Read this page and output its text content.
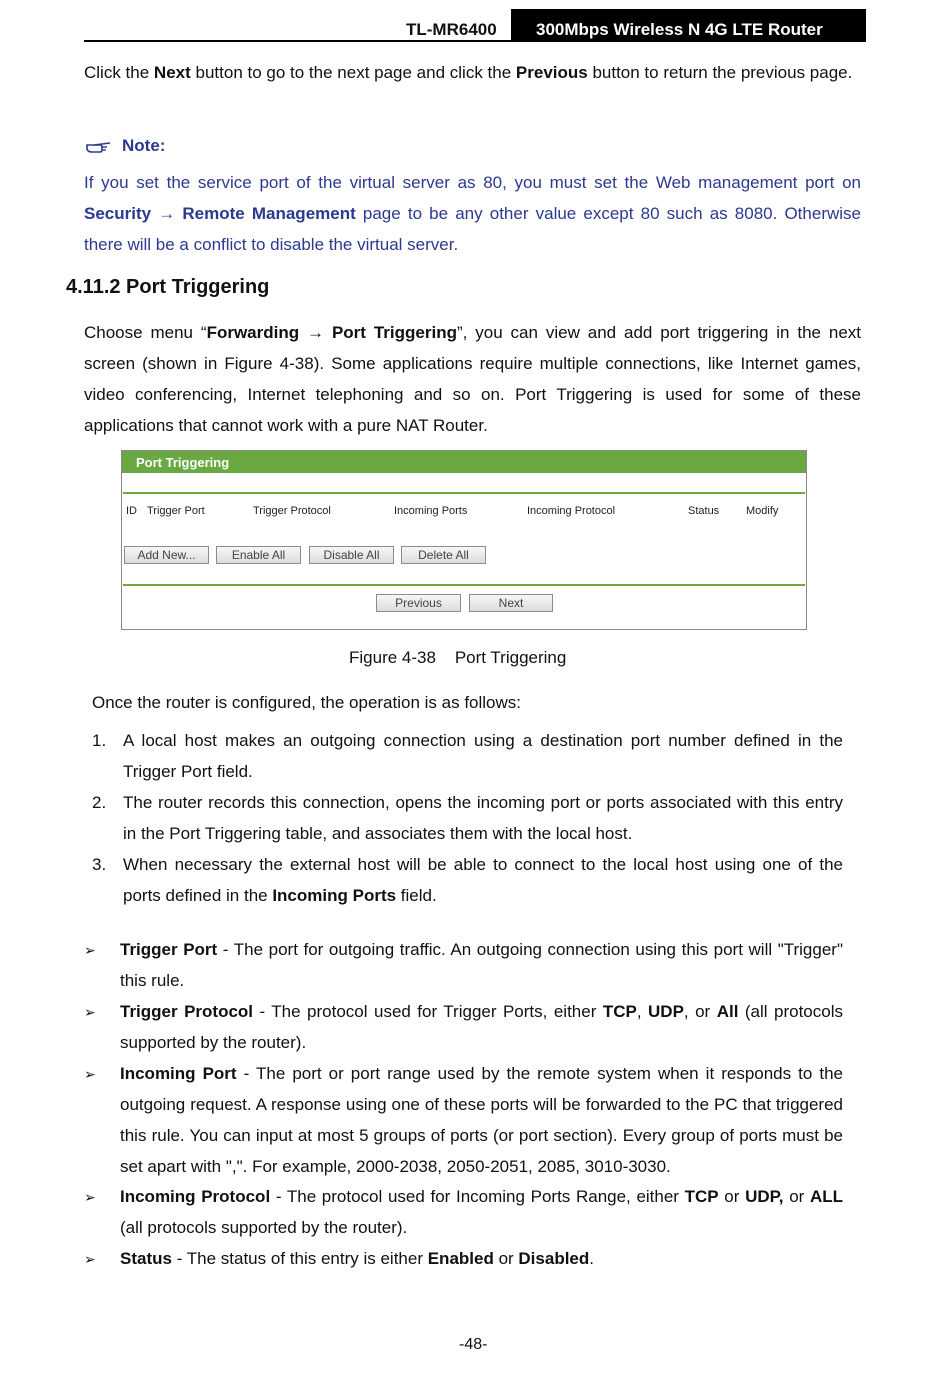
TL-MR6400 300Mbps Wireless N 4G LTE Router
Click the Next button to go to the next page and click the Previous button to return the previous page.
Note:
If you set the service port of the virtual server as 80, you must set the Web management port on Security → Remote Management page to be any other value except 80 such as 8080. Otherwise there will be a conflict to disable the virtual server.
4.11.2 Port Triggering
Choose menu “Forwarding → Port Triggering”, you can view and add port triggering in the next screen (shown in Figure 4-38). Some applications require multiple connections, like Internet games, video conferencing, Internet telephoning and so on. Port Triggering is used for some of these applications that cannot work with a pure NAT Router.
Port Triggering
ID Trigger Port	Trigger Protocol	Incoming Ports	Incoming Protocol	Status Modify
Add New...	Enable All	Disable All	Delete All
Previous	Next
Figure 4-38    Port Triggering
Once the router is configured, the operation is as follows:
1. A local host makes an outgoing connection using a destination port number defined in the Trigger Port field.
2. The router records this connection, opens the incoming port or ports associated with this entry in the Port Triggering table, and associates them with the local host.
3. When necessary the external host will be able to connect to the local host using one of the ports defined in the Incoming Ports field.
➢ Trigger Port - The port for outgoing traffic. An outgoing connection using this port will "Trigger" this rule.
➢ Trigger Protocol - The protocol used for Trigger Ports, either TCP, UDP, or All (all protocols supported by the router).
➢ Incoming Port - The port or port range used by the remote system when it responds to the outgoing request. A response using one of these ports will be forwarded to the PC that triggered this rule. You can input at most 5 groups of ports (or port section). Every group of ports must be set apart with ",". For example, 2000-2038, 2050-2051, 2085, 3010-3030.
➢ Incoming Protocol - The protocol used for Incoming Ports Range, either TCP or UDP, or ALL (all protocols supported by the router).
➢ Status - The status of this entry is either Enabled or Disabled.
-48-
